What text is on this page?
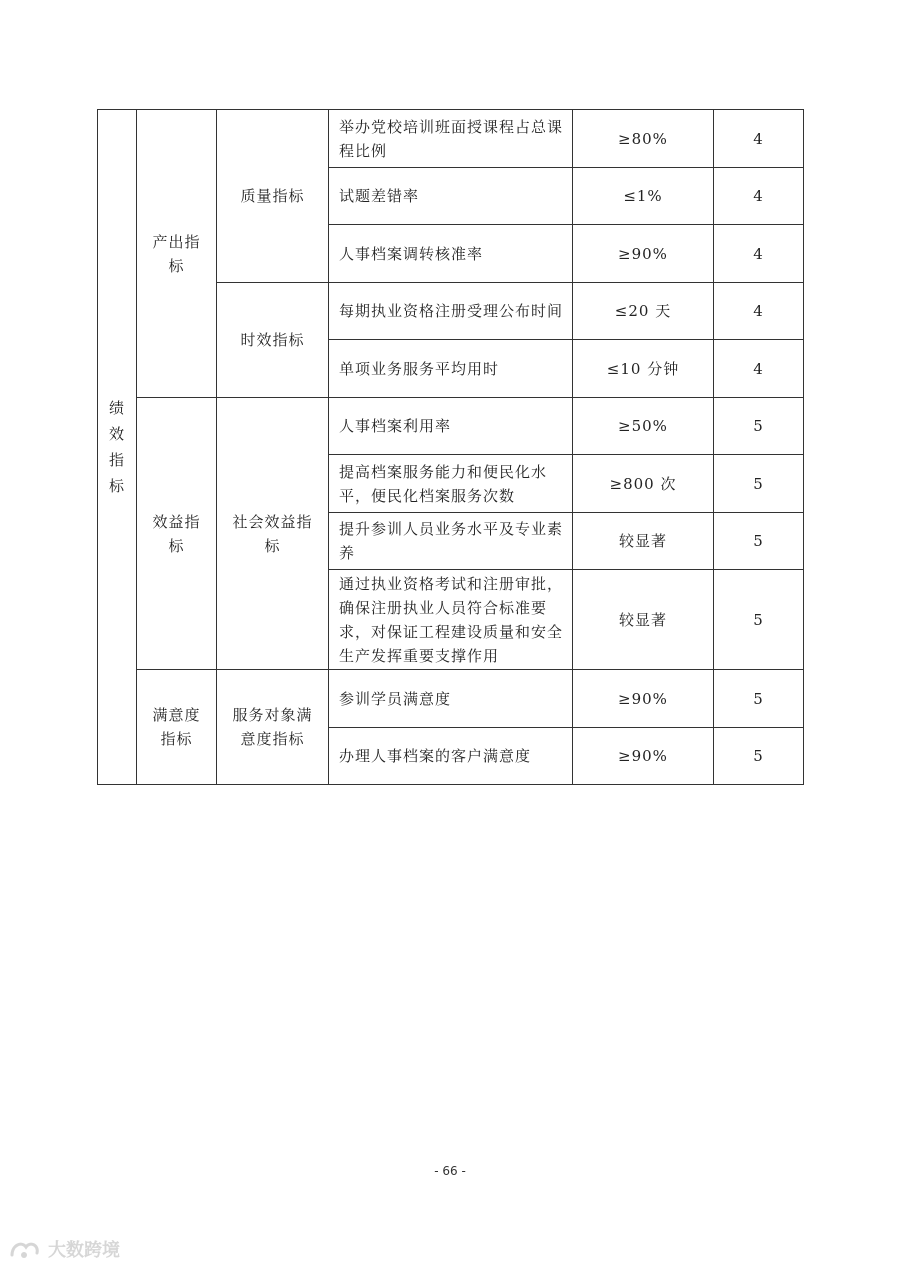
绩效指标	产出指标	质量指标	举办党校培训班面授课程占总课程比例	≥80%	4
			试题差错率	≤1%	4
			人事档案调转核准率	≥90%	4
		时效指标	每期执业资格注册受理公布时间	≤20 天	4
			单项业务服务平均用时	≤10 分钟	4
	效益指标	社会效益指标	人事档案利用率	≥50%	5
			提高档案服务能力和便民化水平，便民化档案服务次数	≥800 次	5
			提升参训人员业务水平及专业素养	较显著	5
			通过执业资格考试和注册审批，确保注册执业人员符合标准要求，对保证工程建设质量和安全生产发挥重要支撑作用	较显著	5
	满意度指标	服务对象满意度指标	参训学员满意度	≥90%	5
			办理人事档案的客户满意度	≥90%	5
- 66 -
大数跨境
